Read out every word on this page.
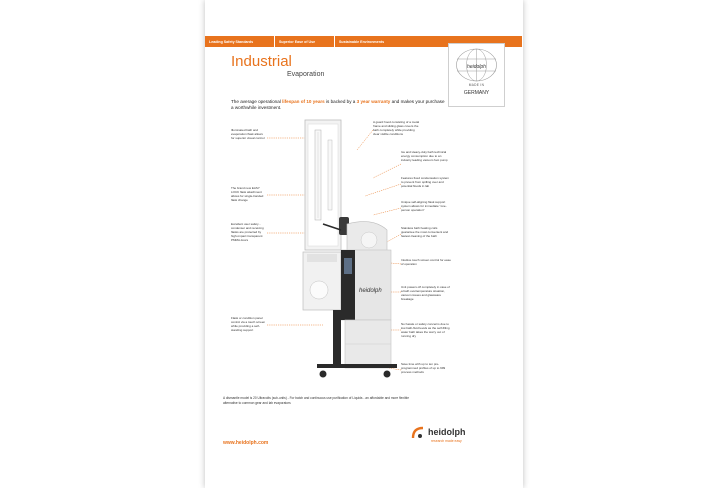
Leading Safety Standards	Superior Ease of Use	Sustainable Environments
Industrial
Evaporation
heidolph
MADE IN
GERMANY
The average operational lifespan of 10 years is backed by a 3 year warranty and makes your purchase a worthwhile investment.
Illuminated bath and evaporation flask allows for superior visual control
The brand new EASY LOCK flask attachment allows for single-handed flask change
Excellent user safety - condenser and receiving flasks are protected by high-impact transparent PMMA doors
Flask or condition panel control via a touch screen while providing a self-standing support
A guard hood consisting of a metal frame and sliding glass covers the bath completely while providing clear visible conditions
Ice and Heavy-duty bath technical energy consumption due to an industry leading vacuum foot pump
Features fixed condensation system to prevent from spilling over and potential floods in lab
Unique self-aligning flask support system allows for immediate "one-person operation"
Stainless bath heating coils guarantee the most convenient and fastest cleaning of the bath
Intuitive touch screen control for ease of operation
Unit powers off completely in case of a bath overtemperature situation, vacuum issues and glassware breakage
No hassle or safety concerns due to low bath-fluid levels as the self-filling water bath takes the worry out of running dry
Save time with up to ten pre-programmed profiles of up to 999 process methods
heidolph
A dismantle model is 20 Ultravolts (sub-units) - For batch and continuous use purification of Liquids - an affordable and more flexible alternative to common gear and lab evaporators
www.heidolph.com
heidolph
research made easy
